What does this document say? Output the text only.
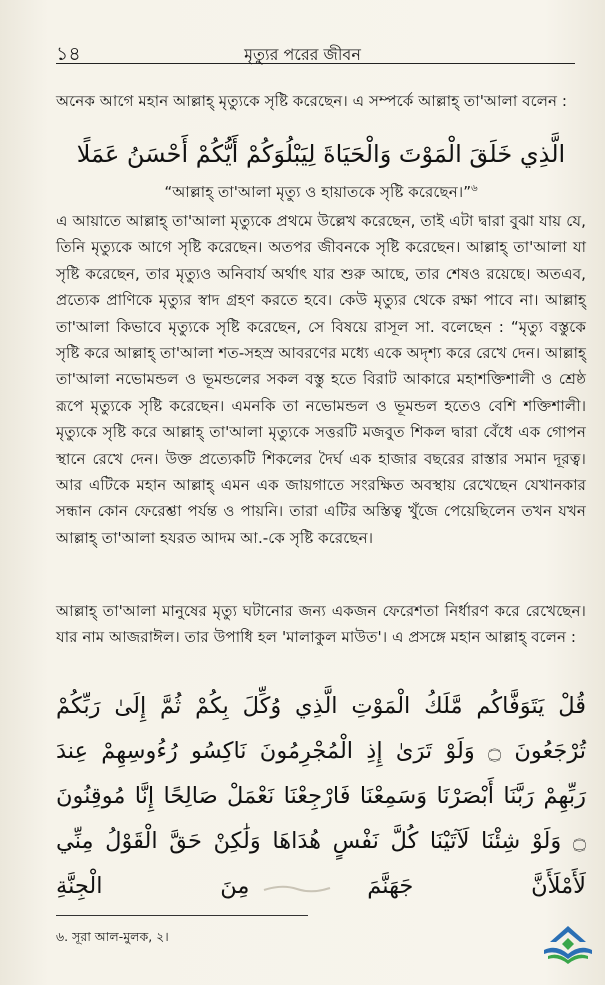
১৪	মৃত্যুর পরের জীবন
অনেক আগে মহান আল্লাহ্ মৃত্যুকে সৃষ্টি করেছেন। এ সম্পর্কে আল্লাহ্ তা'আলা বলেন :
الَّذِي خَلَقَ الْمَوْتَ وَالْحَيَاةَ لِيَبْلُوَكُمْ أَيُّكُمْ أَحْسَنُ عَمَلًا
“আল্লাহ্ তা'আলা মৃত্যু ও হায়াতকে সৃষ্টি করেছেন।”$^৬$
এ আয়াতে আল্লাহ্ তা'আলা মৃত্যুকে প্রথমে উল্লেখ করেছেন, তাই এটা দ্বারা বুঝা যায় যে, তিনি মৃত্যুকে আগে সৃষ্টি করেছেন। অতপর জীবনকে সৃষ্টি করেছেন। আল্লাহ্ তা'আলা যা সৃষ্টি করেছেন, তার মৃত্যুও অনিবার্য অর্থাৎ যার শুরু আছে, তার শেষও রয়েছে। অতএব, প্রত্যেক প্রাণিকে মৃত্যুর স্বাদ গ্রহণ করতে হবে। কেউ মৃত্যুর থেকে রক্ষা পাবে না। আল্লাহ্ তা'আলা কিভাবে মৃত্যুকে সৃষ্টি করেছেন, সে বিষয়ে রাসূল সা. বলেছেন : “মৃত্যু বস্তুকে সৃষ্টি করে আল্লাহ্ তা'আলা শত-সহস্র আবরণের মধ্যে একে অদৃশ্য করে রেখে দেন। আল্লাহ্ তা'আলা নভোমন্ডল ও ভূমন্ডলের সকল বস্তু হতে বিরাট আকারে মহাশক্তিশালী ও শ্রেষ্ঠ রূপে মৃত্যুকে সৃষ্টি করেছেন। এমনকি তা নভোমন্ডল ও ভূমন্ডল হতেও বেশি শক্তিশালী। মৃত্যুকে সৃষ্টি করে আল্লাহ্ তা'আলা মৃত্যুকে সত্তরটি মজবুত শিকল দ্বারা বেঁধে এক গোপন স্থানে রেখে দেন। উক্ত প্রত্যেকটি শিকলের দৈর্ঘ এক হাজার বছরের রাস্তার সমান দূরত্ব। আর এটিকে মহান আল্লাহ্ এমন এক জায়গাতে সংরক্ষিত অবস্থায় রেখেছেন যেখানকার সন্ধান কোন ফেরেশ্তা পর্যন্ত ও পায়নি। তারা এটির অস্তিত্ব খুঁজে পেয়েছিলেন তখন যখন আল্লাহ্ তা'আলা হযরত আদম আ.-কে সৃষ্টি করেছেন।
আল্লাহ্ তা'আলা মানুষের মৃত্যু ঘটানোর জন্য একজন ফেরেশতা নির্ধারণ করে রেখেছেন। যার নাম আজরাঈল। তার উপাধি হল 'মালাকুল মাউত'। এ প্রসঙ্গে মহান আল্লাহ্ বলেন :
قُلْ يَتَوَفَّاكُم مَّلَكُ الْمَوْتِ الَّذِي وُكِّلَ بِكُمْ ثُمَّ إِلَىٰ رَبِّكُمْ تُرْجَعُونَ ۝ وَلَوْ تَرَىٰ إِذِ الْمُجْرِمُونَ نَاكِسُو رُءُوسِهِمْ عِندَ رَبِّهِمْ رَبَّنَا أَبْصَرْنَا وَسَمِعْنَا فَارْجِعْنَا نَعْمَلْ صَالِحًا إِنَّا مُوقِنُونَ ۝ وَلَوْ شِئْنَا لَآتَيْنَا كُلَّ نَفْسٍ هُدَاهَا وَلَٰكِنْ حَقَّ الْقَوْلُ مِنِّي لَأَمْلَأَنَّ جَهَنَّمَ مِنَ الْجِنَّةِ
৬. সূরা আল-মুলক, ২।
